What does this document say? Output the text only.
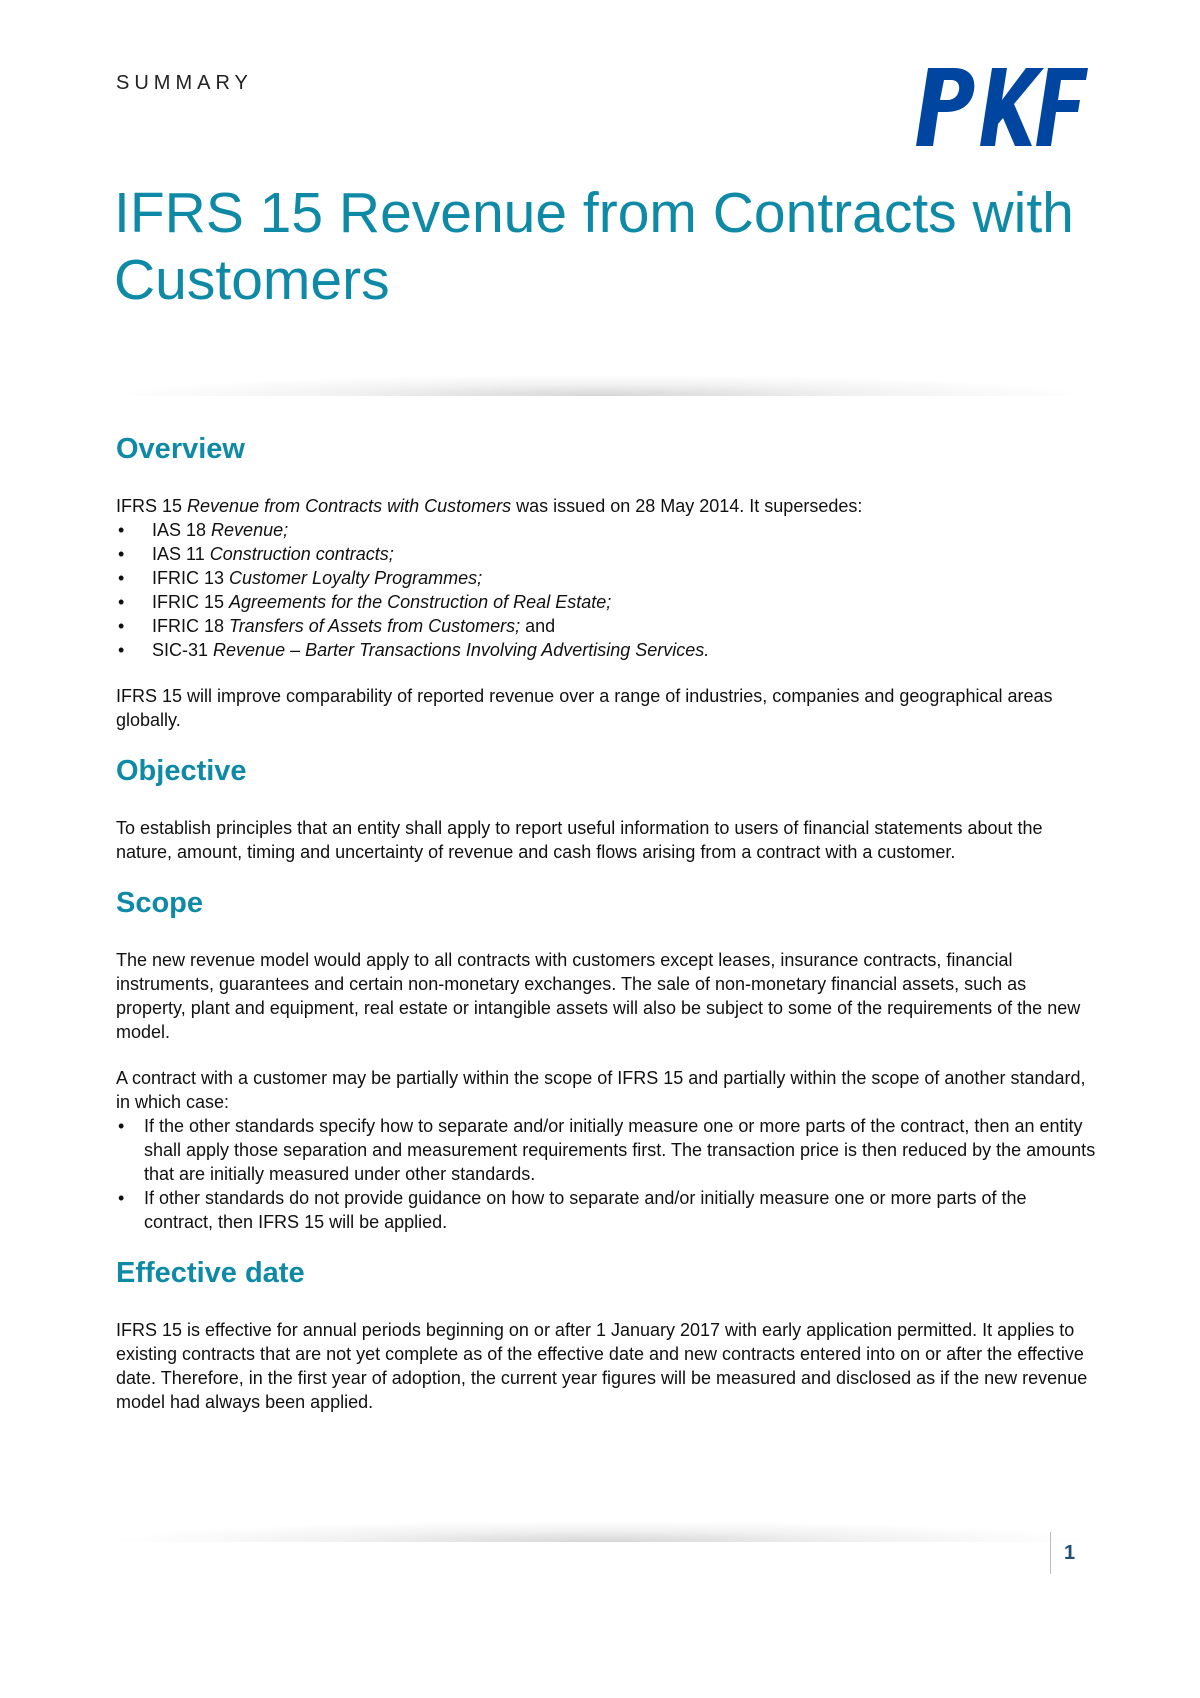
SUMMARY
IFRS 15 Revenue from Contracts with Customers
Overview

IFRS 15 Revenue from Contracts with Customers was issued on 28 May 2014. It supersedes:

• IAS 18 Revenue;
• IAS 11 Construction contracts;
• IFRIC 13 Customer Loyalty Programmes;
• IFRIC 15 Agreements for the Construction of Real Estate;
• IFRIC 18 Transfers of Assets from Customers; and
• SIC-31 Revenue – Barter Transactions Involving Advertising Services.

IFRS 15 will improve comparability of reported revenue over a range of industries, companies and geographical areas globally.

Objective

To establish principles that an entity shall apply to report useful information to users of financial statements about the nature, amount, timing and uncertainty of revenue and cash flows arising from a contract with a customer.

Scope

The new revenue model would apply to all contracts with customers except leases, insurance contracts, financial instruments, guarantees and certain non-monetary exchanges. The sale of non-monetary financial assets, such as property, plant and equipment, real estate or intangible assets will also be subject to some of the requirements of the new model.

A contract with a customer may be partially within the scope of IFRS 15 and partially within the scope of another standard, in which case:

• If the other standards specify how to separate and/or initially measure one or more parts of the contract, then an entity shall apply those separation and measurement requirements first. The transaction price is then reduced by the amounts that are initially measured under other standards.
• If other standards do not provide guidance on how to separate and/or initially measure one or more parts of the contract, then IFRS 15 will be applied.
Effective date

IFRS 15 is effective for annual periods beginning on or after 1 January 2017 with early application permitted. It applies to existing contracts that are not yet complete as of the effective date and new contracts entered into on or after the effective date. Therefore, in the first year of adoption, the current year figures will be measured and disclosed as if the new revenue model had always been applied.

1
